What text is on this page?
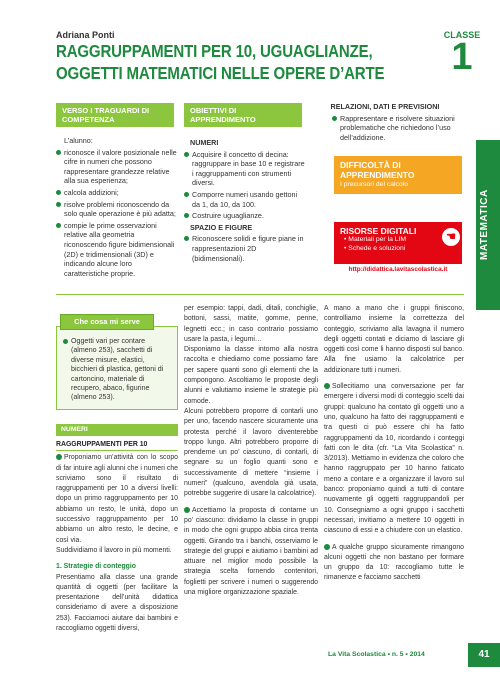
Adriana Ponti
RAGGRUPPAMENTI PER 10, UGUAGLIANZE,
OGGETTI MATEMATICI NELLE OPERE D’ARTE
CLASSE
1
MATEMATICA
VERSO I TRAGUARDI DI COMPETENZA
OBIETTIVI DI APPRENDIMENTO

L’alunno:

riconosce il valore posizionale nelle cifre in numeri che possono rappresentare grandezze relative alla sua esperienza;

calcola addizioni;

risolve problemi riconoscendo da solo quale operazione è più adatta;

compie le prime osservazioni relative alla geometria riconoscendo figure bidimensionali (2D) e tridimensionali (3D) e indicando alcune loro caratteristiche proprie.

NUMERI

Acquisire il concetto di decina: raggruppare in base 10 e registrare i raggruppamenti con strumenti diversi.

Comporre numeri usando gettoni da 1, da 10, da 100.

Costruire uguaglianze.

SPAZIO E FIGURE

Riconoscere solidi e figure piane in rappresentazioni 2D (bidimensionali).

RELAZIONI, DATI E PREVISIONI

Rappresentare e risolvere situazioni problematiche che richiedono l’uso dell’addizione.

DIFFICOLTÀ DI APPRENDIMENTO
I precursori del calcolo
RISORSE DIGITALI
• Materiali per la LIM
• Schede e soluzioni
☚
http://didattica.lavitascolastica.it

Oggetti vari per contare (almeno 253), sacchetti di diverse misure, elastici, bicchieri di plastica, gettoni di cartoncino, materiale di recupero, abaco, figurine (almeno 253).

Che cosa mi serve
NUMERI

RAGGRUPPAMENTI PER 10

Proponiamo un’attività con lo scopo di far intuire agli alunni che i numeri che scriviamo sono il risultato di raggruppamenti per 10 a diversi livelli: dopo un primo raggruppamento per 10 abbiamo un resto, le unità, dopo un successivo raggruppamento per 10 abbiamo un altro resto, le decine, e così via.

Suddividiamo il lavoro in più momenti.

1. Strategie di conteggio

Presentiamo alla classe una grande quantità di oggetti (per facilitare la presentazione dell’unità didattica consideriamo di avere a disposizione 253). Facciamoci aiutare dai bambini e raccogliamo oggetti diversi,

per esempio: tappi, dadi, ditali, conchiglie, bottoni, sassi, matite, gomme, penne, legnetti ecc.; in caso contrario possiamo usare la pasta, i legumi…

Disponiamo la classe intorno alla nostra raccolta e chiediamo come possiamo fare per sapere quanti sono gli elementi che la compongono. Ascoltiamo le proposte degli alunni e valutiamo insieme le strategie più comode.

Alcuni potrebbero proporre di contarli uno per uno, facendo nascere sicuramente una protesta perché il lavoro diventerebbe troppo lungo. Altri potrebbero proporre di prenderne un po’ ciascuno, di contarli, di segnare su un foglio quanti sono e successivamente di mettere “insieme i numeri” (qualcuno, avendola già usata, potrebbe suggerire di usare la calcolatrice).

Accettiamo la proposta di contarne un po’ ciascuno: dividiamo la classe in gruppi in modo che ogni gruppo abbia circa trenta oggetti. Girando tra i banchi, osserviamo le strategie del gruppi e aiutiamo i bambini ad attuare nel miglior modo possibile la strategia scelta fornendo contenitori, foglietti per scrivere i numeri o suggerendo una migliore organizzazione spaziale.

A mano a mano che i gruppi finiscono, controlliamo insieme la correttezza del conteggio, scriviamo alla lavagna il numero degli oggetti contati e diciamo di lasciare gli oggetti così come li hanno disposti sul banco. Alla fine usiamo la calcolatrice per addizionare tutti i numeri.

Sollecitiamo una conversazione per far emergere i diversi modi di conteggio scelti dai gruppi: qualcuno ha contato gli oggetti uno a uno, qualcuno ha fatto dei raggruppamenti e tra questi ci può essere chi ha fatto raggruppamenti da 10, ricordando i conteggi fatti con le dita (cfr. “La Vita Scolastica” n. 3/2013). Mettiamo in evidenza che coloro che hanno raggruppato per 10 hanno faticato meno a contare e a organizzare il lavoro sul banco: proponiamo quindi a tutti di contare nuovamente gli oggetti raggruppandoli per 10. Consegniamo a ogni gruppo i sacchetti necessari, invitiamo a mettere 10 oggetti in ciascuno di essi e a chiudere con un elastico.

A qualche gruppo sicuramente rimangono alcuni oggetti che non bastano per formare un gruppo da 10: raccogliamo tutte le rimanenze e facciamo sacchetti

La Vita Scolastica • n. 5 • 2014	41
